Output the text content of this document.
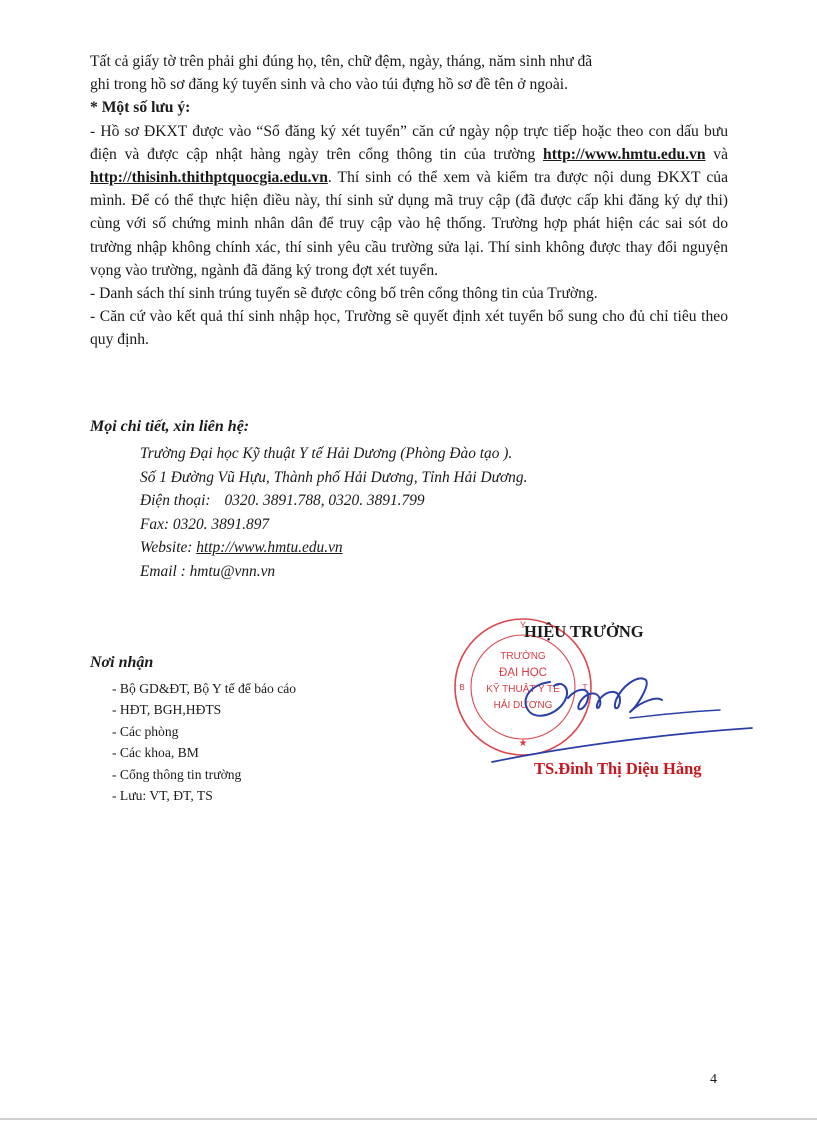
Tất cả giấy tờ trên phải ghi đúng họ, tên, chữ đệm, ngày, tháng, năm sinh như đã

ghi trong hồ sơ đăng ký tuyển sinh và cho vào túi đựng hồ sơ đề tên ở ngoài.

* Một số lưu ý:

- Hồ sơ ĐKXT được vào “Sổ đăng ký xét tuyển” căn cứ ngày nộp trực tiếp hoặc theo con dấu bưu điện và được cập nhật hàng ngày trên cổng thông tin của trường http://www.hmtu.edu.vn và http://thisinh.thithptquocgia.edu.vn. Thí sinh có thể xem và kiểm tra được nội dung ĐKXT của mình. Để có thể thực hiện điều này, thí sinh sử dụng mã truy cập (đã được cấp khi đăng ký dự thi) cùng với số chứng minh nhân dân để truy cập vào hệ thống. Trường hợp phát hiện các sai sót do trường nhập không chính xác, thí sinh yêu cầu trường sửa lại. Thí sinh không được thay đổi nguyện vọng vào trường, ngành đã đăng ký trong đợt xét tuyển.

- Danh sách thí sinh trúng tuyển sẽ được công bố trên cổng thông tin của Trường.

- Căn cứ vào kết quả thí sinh nhập học, Trường sẽ quyết định xét tuyển bổ sung cho đủ chỉ tiêu theo quy định.

Mọi chi tiết, xin liên hệ:
Trường Đại học Kỹ thuật Y tế Hải Dương (Phòng Đào tạo ).
Số 1 Đường Vũ Hựu, Thành phố Hải Dương, Tỉnh Hải Dương.
Điện thoại: 0320. 3891.788, 0320. 3891.799
Fax: 0320. 3891.897
Website: http://www.hmtu.edu.vn
Email : hmtu@vnn.vn
Nơi nhận
- Bộ GD&ĐT, Bộ Y tế để báo cáo
- HĐT, BGH,HĐTS
- Các phòng
- Các khoa, BM
- Cổng thông tin trường
- Lưu: VT, ĐT, TS
Y
B	T
TRƯỜNG
ĐẠI HỌC
KỸ THUẬT Y TẾ
HẢI DƯƠNG
★
HIỆU TRƯỞNG
TS.Đinh Thị Diệu Hằng
4
